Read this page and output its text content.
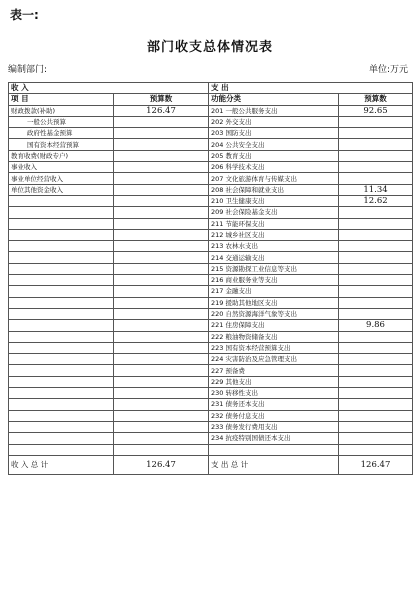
表一:
部门收支总体情况表
编制部门:	单位:万元
收 入		支 出	
项 目	预算数	功能分类	预算数
财政拨款(补助)	126.47	201 一般公共服务支出	92.65
一般公共预算		202 外交支出	
政府性基金预算		203 国防支出	
国有资本经营预算		204 公共安全支出	
教育收费(财政专户)		205 教育支出	
事业收入		206 科学技术支出	
事业单位经营收入		207 文化旅游体育与传媒支出	
单位其他资金收入		208 社会保障和就业支出	11.34
		210 卫生健康支出	12.62
		209 社会保险基金支出	
		211 节能环保支出	
		212 城乡社区支出	
		213 农林水支出	
		214 交通运输支出	
		215 资源勘探工业信息等支出	
		216 商业服务业等支出	
		217 金融支出	
		219 援助其他地区支出	
		220 自然资源海洋气象等支出	
		221 住房保障支出	9.86
		222 粮油物资储备支出	
		223 国有资本经营预算支出	
		224 灾害防治及应急管理支出	
		227 预备费	
		229 其他支出	
		230 转移性支出	
		231 债务还本支出	
		232 债务付息支出	
		233 债务发行费用支出	
		234 抗疫特别国债还本支出	

收 入 总 计	126.47	支 出 总 计	126.47
